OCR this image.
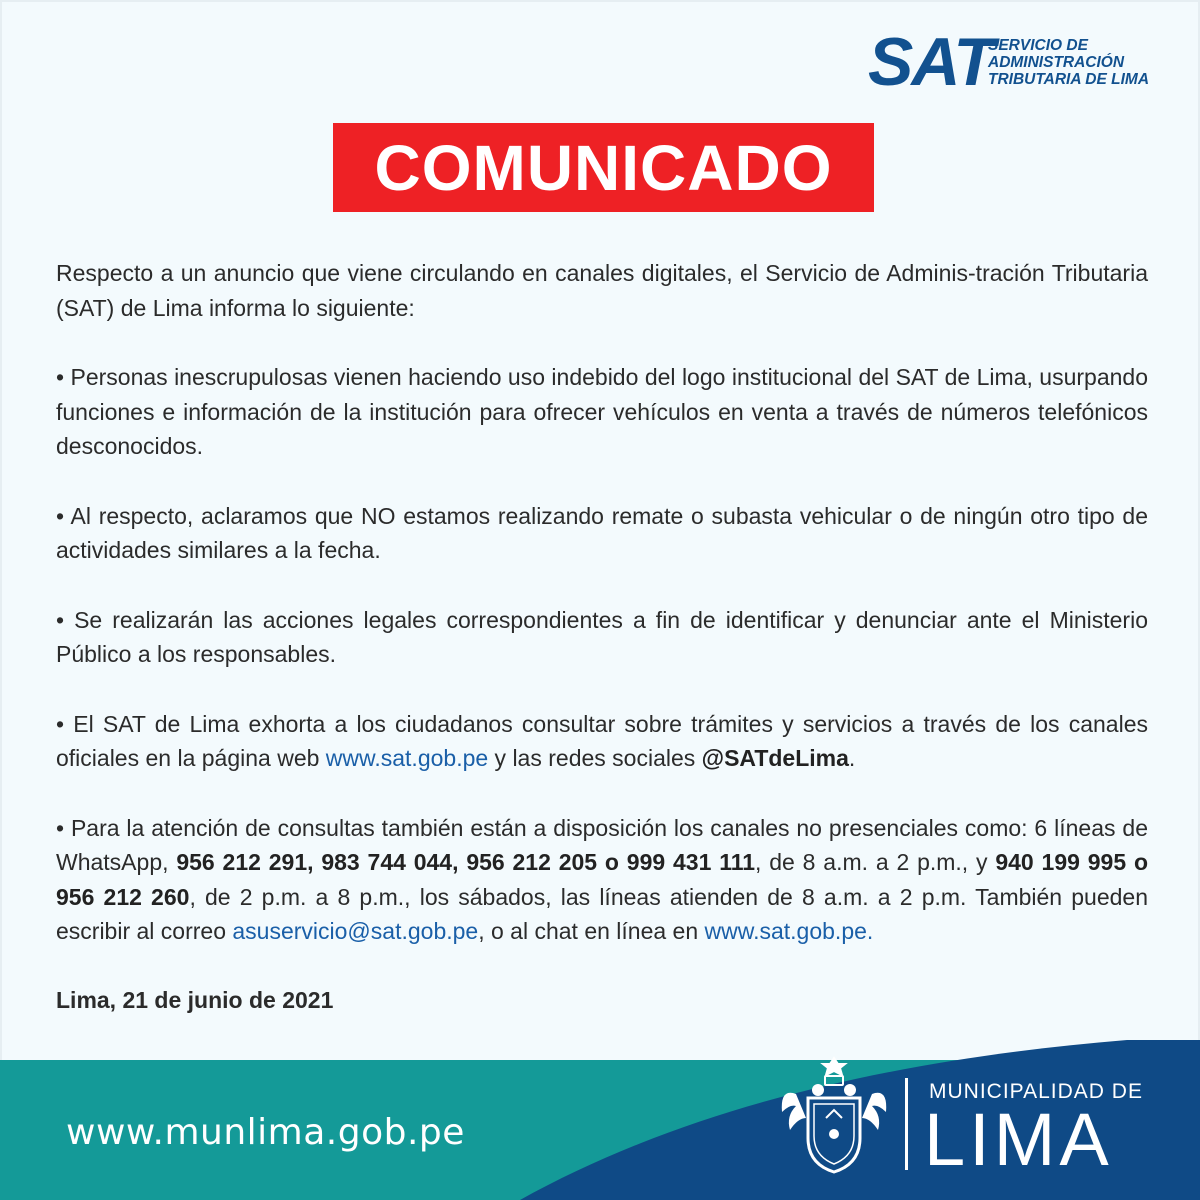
SAT
SERVICIO DE
ADMINISTRACIÓN
TRIBUTARIA DE LIMA
COMUNICADO

Respecto a un anuncio que viene circulando en canales digitales, el Servicio de Adminis-tración Tributaria (SAT) de Lima informa lo siguiente:

• Personas inescrupulosas vienen haciendo uso indebido del logo institucional del SAT de Lima, usurpando funciones e información de la institución para ofrecer vehículos en venta a través de números telefónicos desconocidos.

• Al respecto, aclaramos que NO estamos realizando remate o subasta vehicular o de ningún otro tipo de actividades similares a la fecha.

• Se realizarán las acciones legales correspondientes a fin de identificar y denunciar ante el Ministerio Público a los responsables.

• El SAT de Lima exhorta a los ciudadanos consultar sobre trámites y servicios a través de los canales oficiales en la página web www.sat.gob.pe y las redes sociales @SATdeLima.

• Para la atención de consultas también están a disposición los canales no presenciales como: 6 líneas de WhatsApp, 956 212 291, 983 744 044, 956 212 205 o 999 431 111, de 8 a.m. a 2 p.m., y 940 199 995 o 956 212 260, de 2 p.m. a 8 p.m., los sábados, las líneas atienden de 8 a.m. a 2 p.m. También pueden escribir al correo asuservicio@sat.gob.pe, o al chat en línea en www.sat.gob.pe.

Lima, 21 de junio de 2021
www.munlima.gob.pe
MUNICIPALIDAD DE
LIMA
